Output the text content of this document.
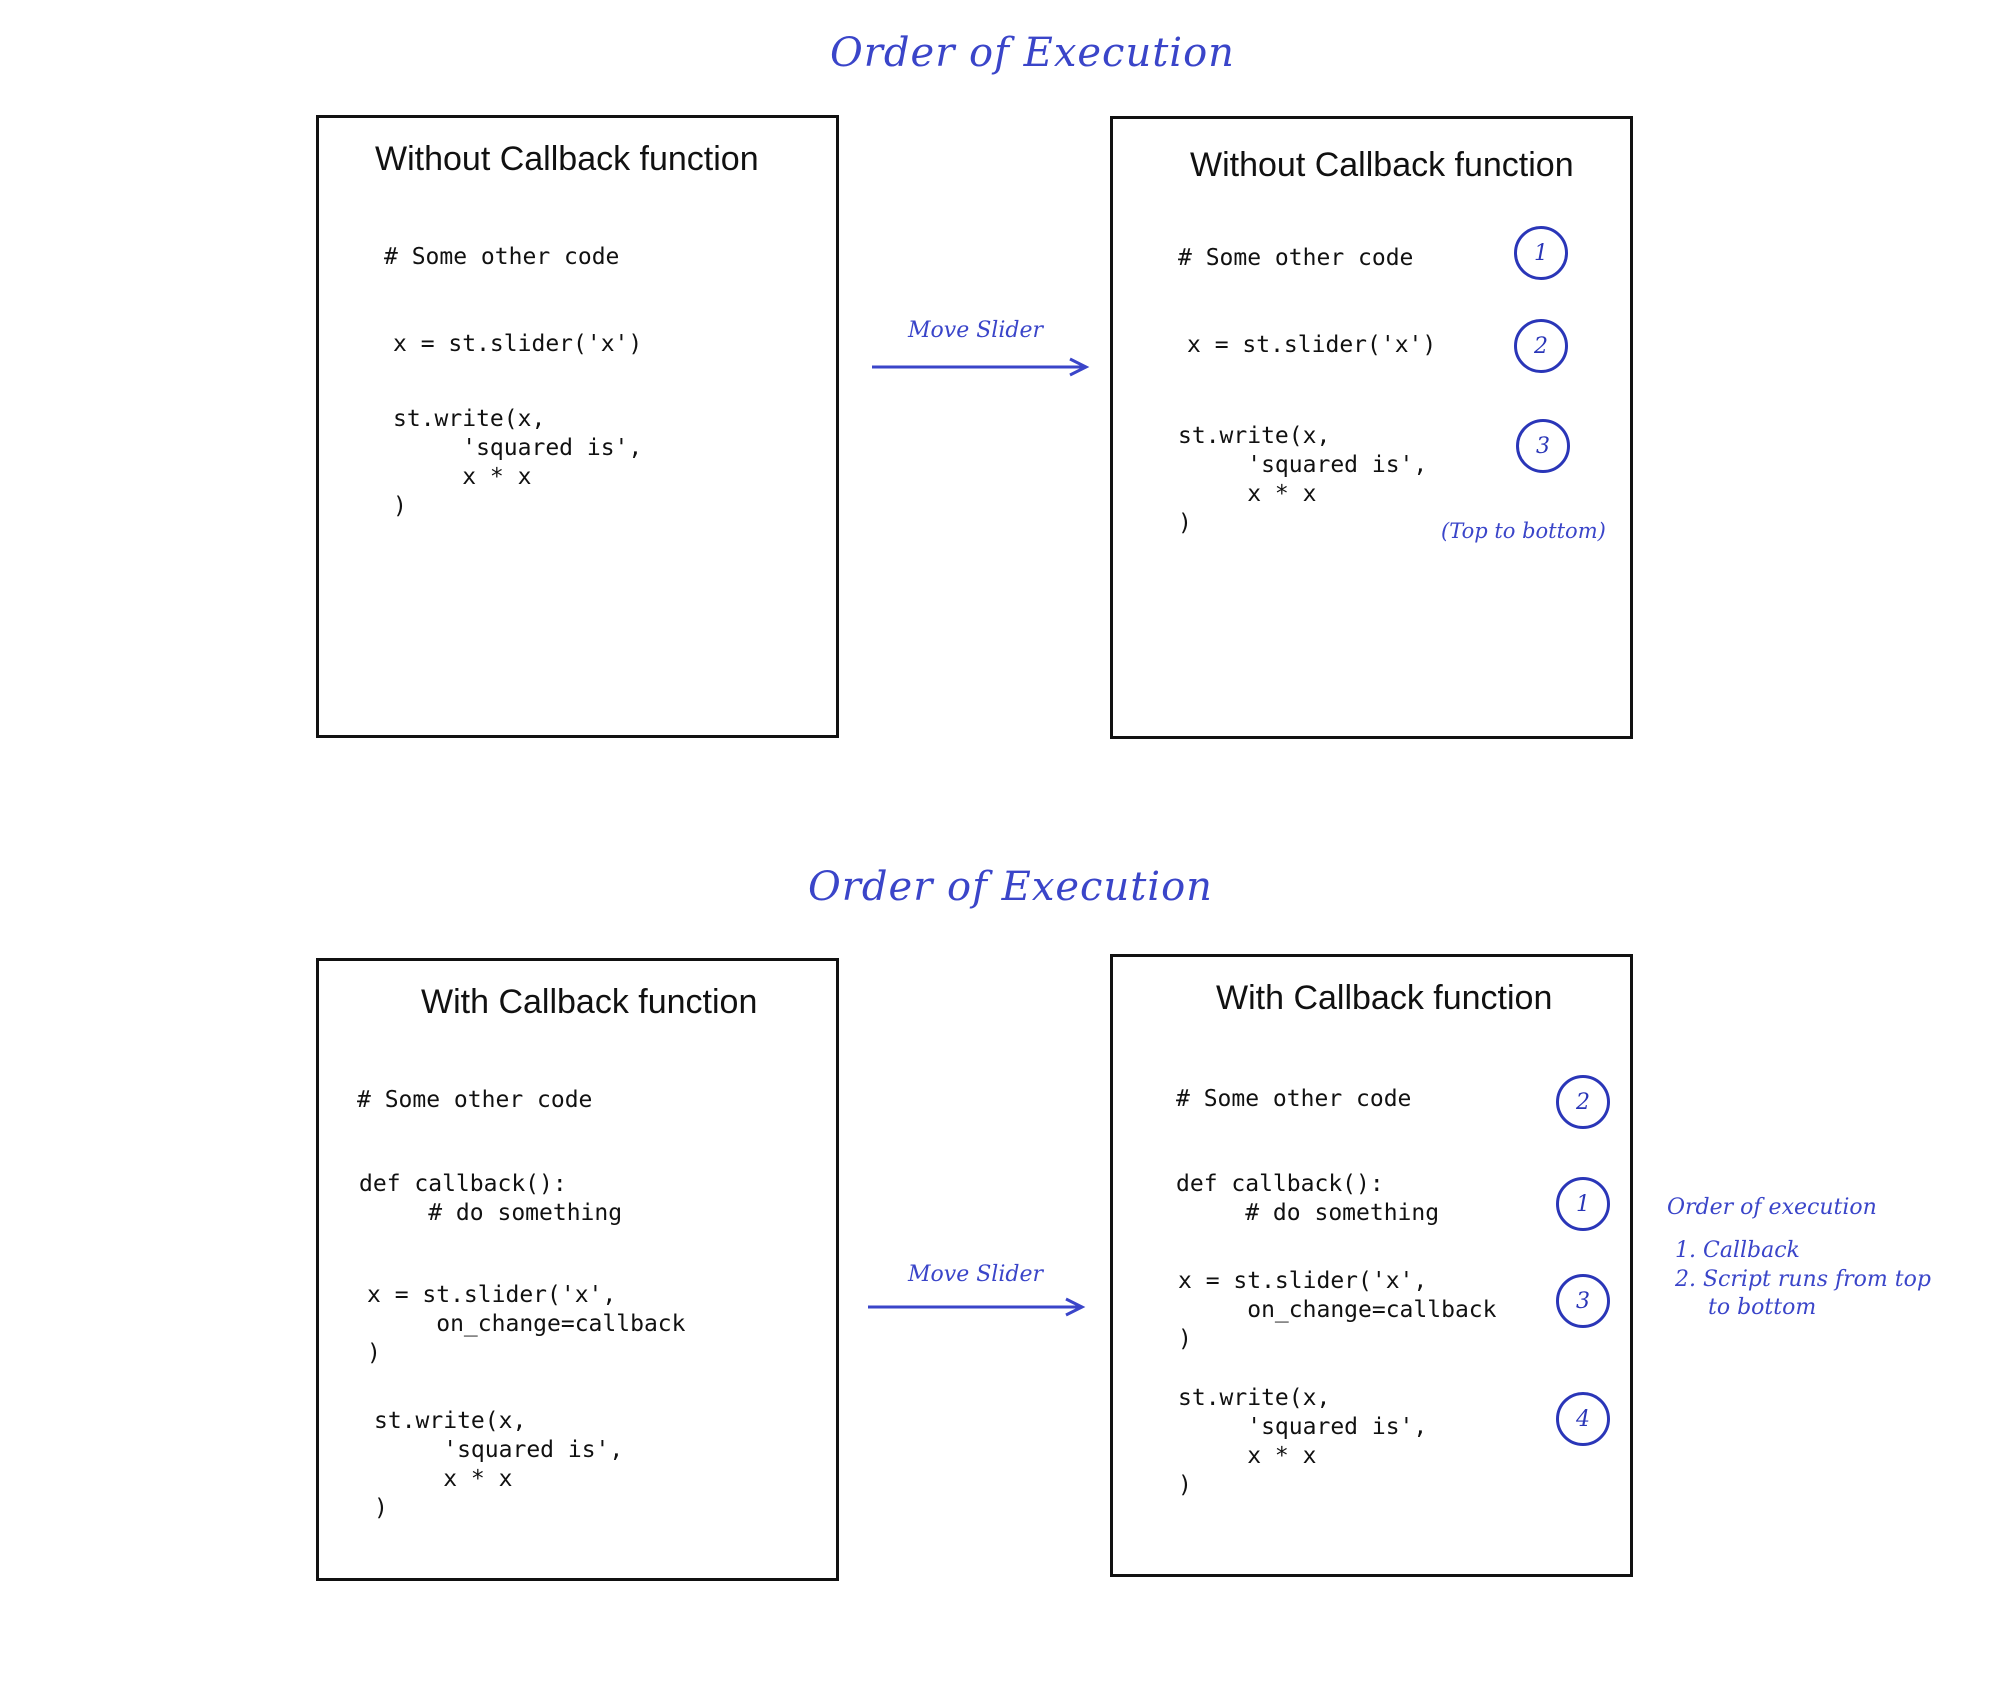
Order of Execution
Without Callback function
# Some other code
x = st.slider('x')
st.write(x,
'squared is',
x * x
)
Move Slider
Without Callback function
# Some other code
x = st.slider('x')
st.write(x,
'squared is',
x * x
)
1
2
3
(Top to bottom)
Order of Execution
With Callback function
# Some other code
def callback():
# do something
x = st.slider('x',
on_change=callback
)
st.write(x,
'squared is',
x * x
)
Move Slider
With Callback function
# Some other code
def callback():
# do something
x = st.slider('x',
on_change=callback
)
st.write(x,
'squared is',
x * x
)
2
1
3
4
Order of execution
1. Callback
2. Script runs from top
to bottom
